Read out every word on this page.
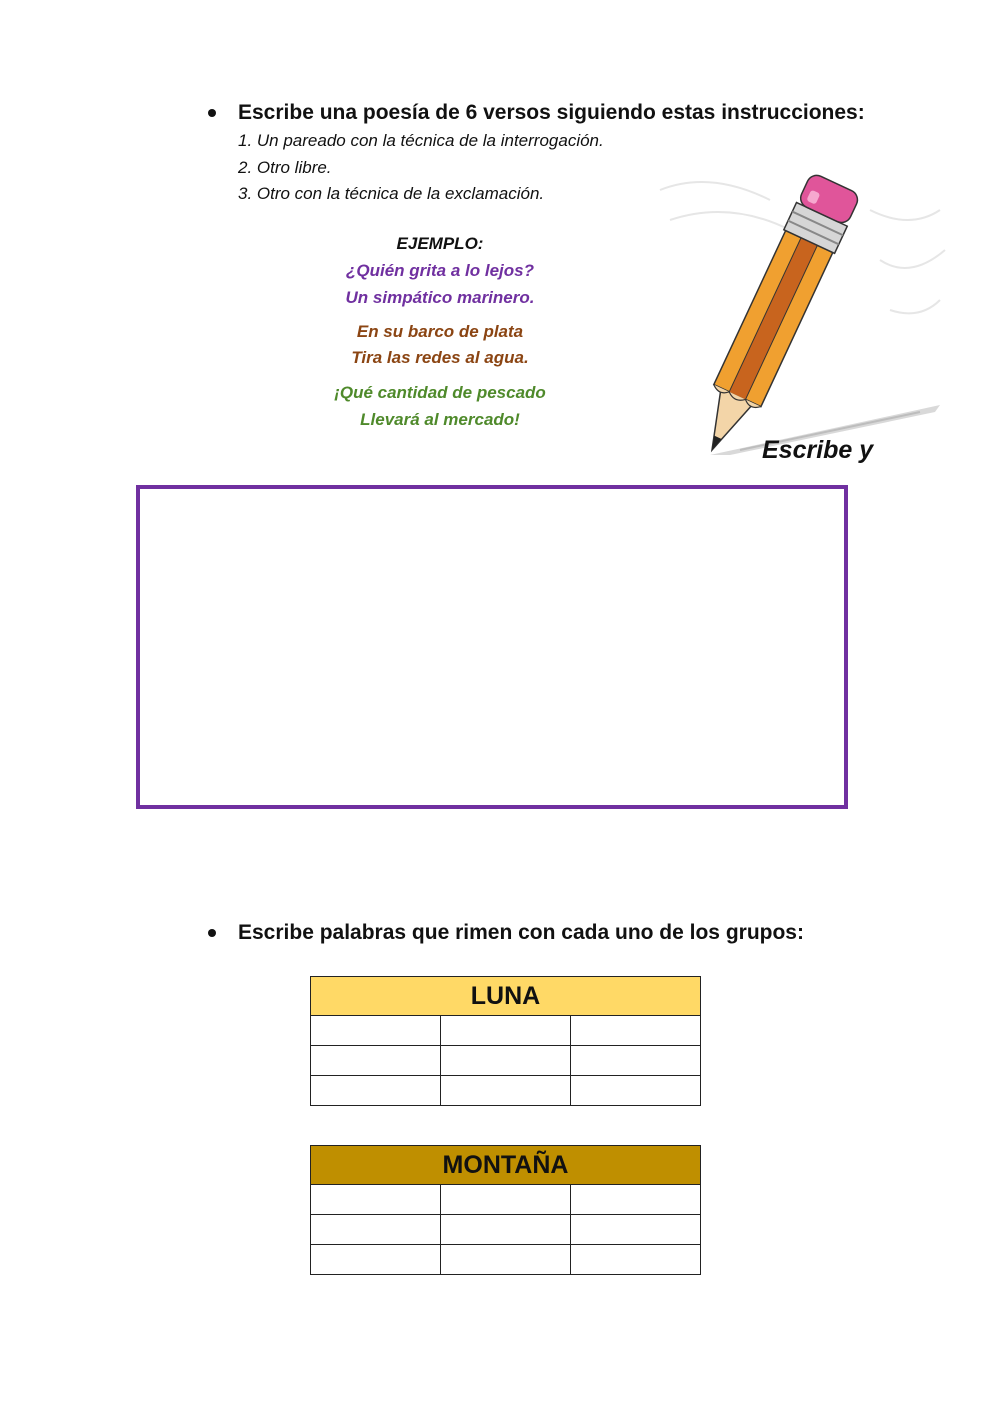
Escribe una poesía de 6 versos siguiendo estas instrucciones:
1. Un pareado con la técnica de la interrogación.
2. Otro libre.
3. Otro con la técnica de la exclamación.
EJEMPLO:
¿Quién grita a lo lejos?
Un simpático marinero.
En su barco de plata
Tira las redes al agua.
¡Qué cantidad de pescado
Llevará al mercado!
Escribe y
Escribe palabras que rimen con cada uno de los grupos:
LUNA		

MONTAÑA		
